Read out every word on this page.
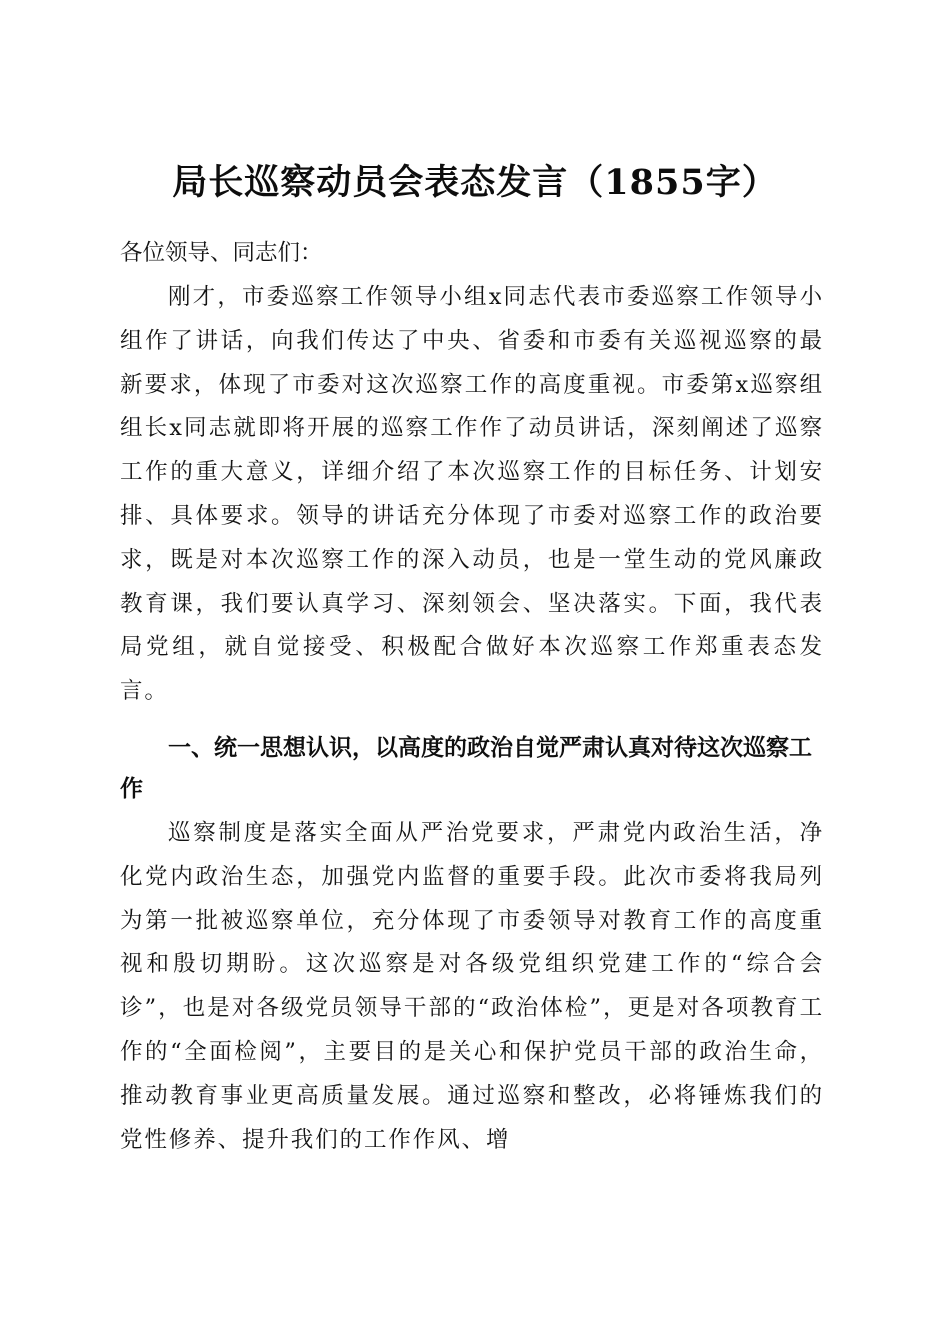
局长巡察动员会表态发言（1855字）

各位领导、同志们：

刚才，市委巡察工作领导小组x同志代表市委巡察工作领导小组作了讲话，向我们传达了中央、省委和市委有关巡视巡察的最新要求，体现了市委对这次巡察工作的高度重视。市委第x巡察组组长x同志就即将开展的巡察工作作了动员讲话，深刻阐述了巡察工作的重大意义，详细介绍了本次巡察工作的目标任务、计划安排、具体要求。领导的讲话充分体现了市委对巡察工作的政治要求，既是对本次巡察工作的深入动员，也是一堂生动的党风廉政教育课，我们要认真学习、深刻领会、坚决落实。下面，我代表局党组，就自觉接受、积极配合做好本次巡察工作郑重表态发言。

一、统一思想认识，以高度的政治自觉严肃认真对待这次巡察工作

巡察制度是落实全面从严治党要求，严肃党内政治生活，净化党内政治生态，加强党内监督的重要手段。此次市委将我局列为第一批被巡察单位，充分体现了市委领导对教育工作的高度重视和殷切期盼。这次巡察是对各级党组织党建工作的“综合会诊”，也是对各级党员领导干部的“政治体检”，更是对各项教育工作的“全面检阅”，主要目的是关心和保护党员干部的政治生命，推动教育事业更高质量发展。通过巡察和整改，必将锤炼我们的党性修养、提升我们的工作作风、增
